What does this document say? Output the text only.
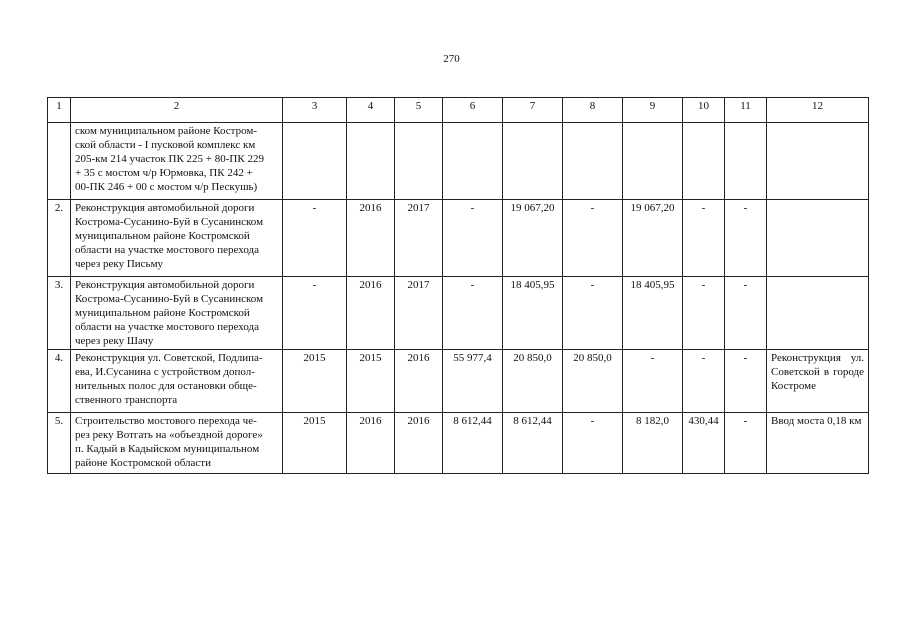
270
1	2	3	4	5	6	7	8	9	10	11	12

	ском муниципальном районе Костром-
ской области - I пусковой комплекс км
205-км 214 участок ПК 225 + 80-ПК 229
+ 35 с мостом ч/р Юрмовка, ПК 242 +
00-ПК 246 + 00 с мостом ч/р Пескушь)										

2.	Реконструкция автомобильной дороги
Кострома-Сусанино-Буй в Сусанинском
муниципальном районе Костромской
области на участке мостового перехода
через реку Письму	-	2016	2017	-	19 067,20	-	19 067,20	-	-	
3.	Реконструкция автомобильной дороги
Кострома-Сусанино-Буй в Сусанинском
муниципальном районе Костромской
области на участке мостового перехода
через реку Шачу	-	2016	2017	-	18 405,95	-	18 405,95	-	-	
4.	Реконструкция ул. Советской, Подлипа-
ева, И.Сусанина с устройством допол-
нительных полос для остановки обще-
ственного транспорта	2015	2015	2016	55 977,4	20 850,0	20 850,0	-	-	-	Реконструкция ул. Советской в городе Костроме
5.	Строительство мостового перехода че-
рез реку Вотгать на «объездной дороге»
п. Кадый в Кадыйском муниципальном
районе Костромской области	2015	2016	2016	8 612,44	8 612,44	-	8 182,0	430,44	-	Ввод моста 0,18 км
